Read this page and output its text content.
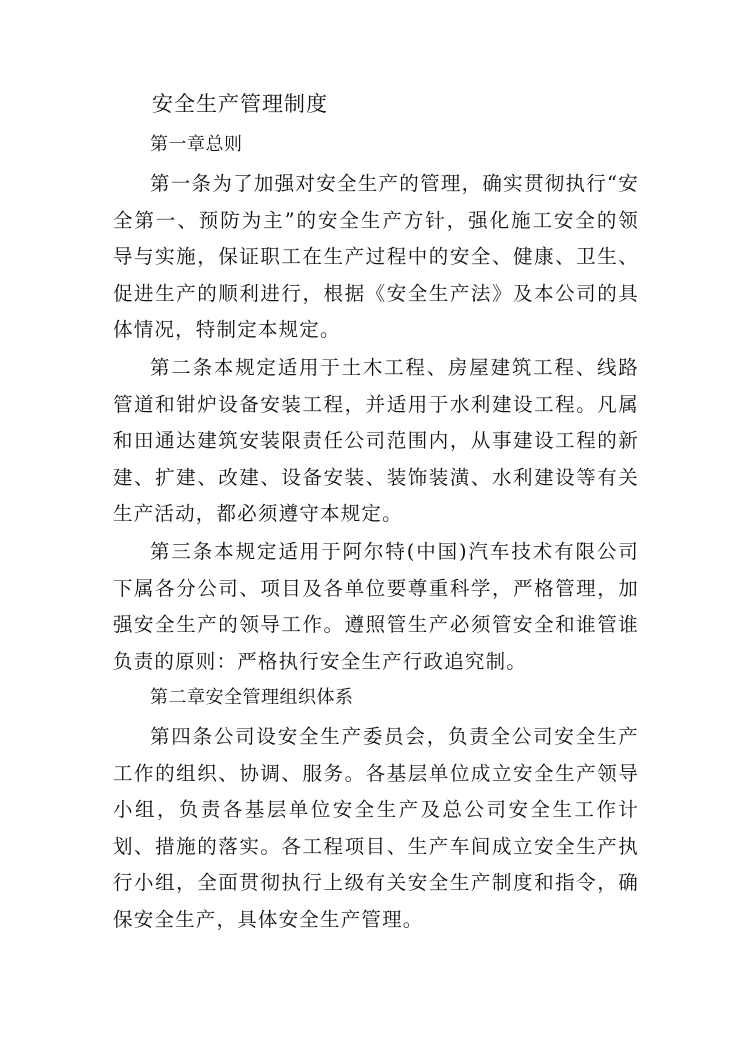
安全生产管理制度
第一章总则

第一条为了加强对安全生产的管理，确实贯彻执行“安全第一、预防为主”的安全生产方针，强化施工安全的领导与实施，保证职工在生产过程中的安全、健康、卫生、促进生产的顺利进行，根据《安全生产法》及本公司的具体情况，特制定本规定。

第二条本规定适用于土木工程、房屋建筑工程、线路管道和钳炉设备安装工程，并适用于水利建设工程。凡属和田通达建筑安装限责任公司范围内，从事建设工程的新建、扩建、改建、设备安装、装饰装潢、水利建设等有关生产活动，都必须遵守本规定。

第三条本规定适用于阿尔特(中国)汽车技术有限公司下属各分公司、项目及各单位要尊重科学，严格管理，加强安全生产的领导工作。遵照管生产必须管安全和谁管谁负责的原则：严格执行安全生产行政追究制。

第二章安全管理组织体系

第四条公司设安全生产委员会，负责全公司安全生产工作的组织、协调、服务。各基层单位成立安全生产领导小组，负责各基层单位安全生产及总公司安全生工作计划、措施的落实。各工程项目、生产车间成立安全生产执行小组，全面贯彻执行上级有关安全生产制度和指令，确保安全生产，具体安全生产管理。
